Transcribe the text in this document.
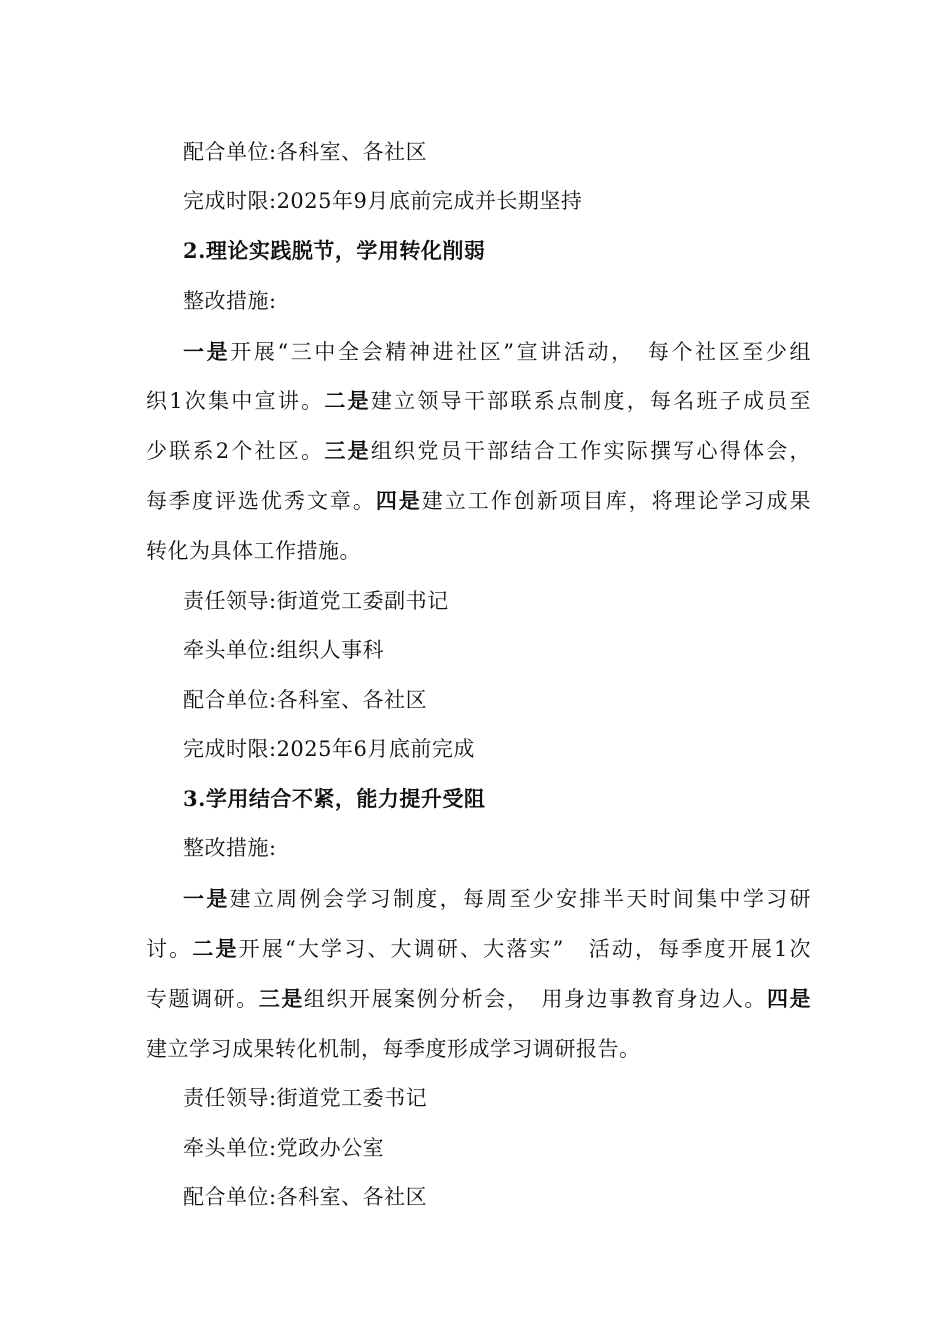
配合单位:各科室、各社区
完成时限:2025年9月底前完成并长期坚持
2.理论实践脱节，学用转化削弱
整改措施:
一是开展“三中全会精神进社区”宣讲活动，　每个社区至少组
织1次集中宣讲。二是建立领导干部联系点制度，每名班子成员至
少联系2个社区。三是组织党员干部结合工作实际撰写心得体会，
每季度评选优秀文章。四是建立工作创新项目库，将理论学习成果
转化为具体工作措施。
责任领导:街道党工委副书记
牵头单位:组织人事科
配合单位:各科室、各社区
完成时限:2025年6月底前完成
3.学用结合不紧，能力提升受阻
整改措施:
一是建立周例会学习制度，每周至少安排半天时间集中学习研
讨。二是开展“大学习、大调研、大落实”　活动，每季度开展1次
专题调研。三是组织开展案例分析会，　用身边事教育身边人。四是
建立学习成果转化机制，每季度形成学习调研报告。
责任领导:街道党工委书记
牵头单位:党政办公室
配合单位:各科室、各社区
